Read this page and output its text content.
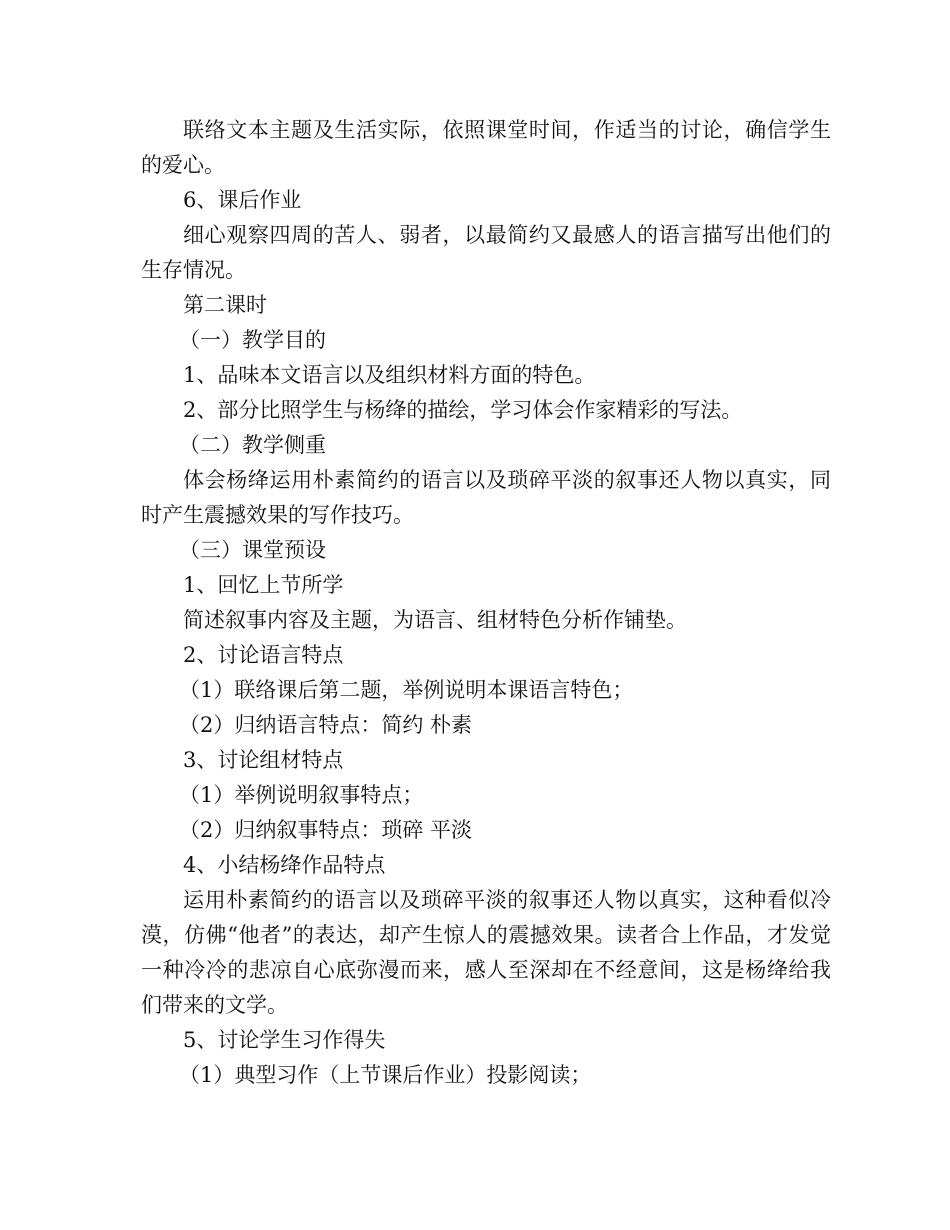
联络文本主题及生活实际，依照课堂时间，作适当的讨论，确信学生的爱心。

6、课后作业

细心观察四周的苦人、弱者，以最简约又最感人的语言描写出他们的生存情况。

第二课时

（一）教学目的

1、品味本文语言以及组织材料方面的特色。

2、部分比照学生与杨绛的描绘，学习体会作家精彩的写法。

（二）教学侧重

体会杨绛运用朴素简约的语言以及琐碎平淡的叙事还人物以真实，同时产生震撼效果的写作技巧。

（三）课堂预设

1、回忆上节所学

简述叙事内容及主题，为语言、组材特色分析作铺垫。

2、讨论语言特点

（1）联络课后第二题，举例说明本课语言特色；

（2）归纳语言特点：简约 朴素

3、讨论组材特点

（1）举例说明叙事特点；

（2）归纳叙事特点：琐碎 平淡

4、小结杨绛作品特点

运用朴素简约的语言以及琐碎平淡的叙事还人物以真实，这种看似冷漠，仿佛“他者”的表达，却产生惊人的震撼效果。读者合上作品，才发觉一种冷冷的悲凉自心底弥漫而来，感人至深却在不经意间，这是杨绛给我们带来的文学。

5、讨论学生习作得失

（1）典型习作（上节课后作业）投影阅读；
